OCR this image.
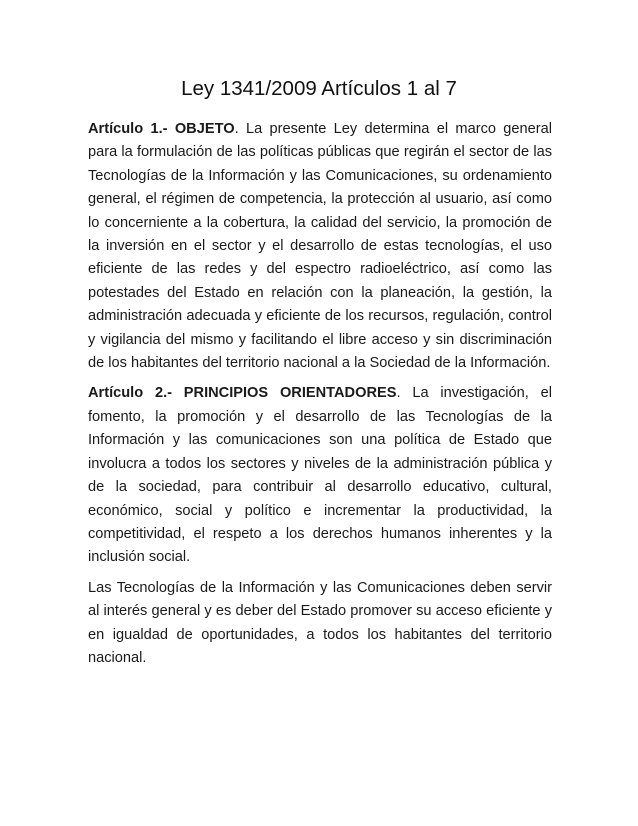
Ley 1341/2009 Artículos 1 al 7

Artículo 1.- OBJETO. La presente Ley determina el marco general para la formulación de las políticas públicas que regirán el sector de las Tecnologías de la Información y las Comunicaciones, su ordenamiento general, el régimen de competencia, la protección al usuario, así como lo concerniente a la cobertura, la calidad del servicio, la promoción de la inversión en el sector y el desarrollo de estas tecnologías, el uso eficiente de las redes y del espectro radioeléctrico, así como las potestades del Estado en relación con la planeación, la gestión, la administración adecuada y eficiente de los recursos, regulación, control y vigilancia del mismo y facilitando el libre acceso y sin discriminación de los habitantes del territorio nacional a la Sociedad de la Información.

Artículo 2.- PRINCIPIOS ORIENTADORES. La investigación, el fomento, la promoción y el desarrollo de las Tecnologías de la Información y las comunicaciones son una política de Estado que involucra a todos los sectores y niveles de la administración pública y de la sociedad, para contribuir al desarrollo educativo, cultural, económico, social y político e incrementar la productividad, la competitividad, el respeto a los derechos humanos inherentes y la inclusión social.

Las Tecnologías de la Información y las Comunicaciones deben servir al interés general y es deber del Estado promover su acceso eficiente y en igualdad de oportunidades, a todos los habitantes del territorio nacional.
